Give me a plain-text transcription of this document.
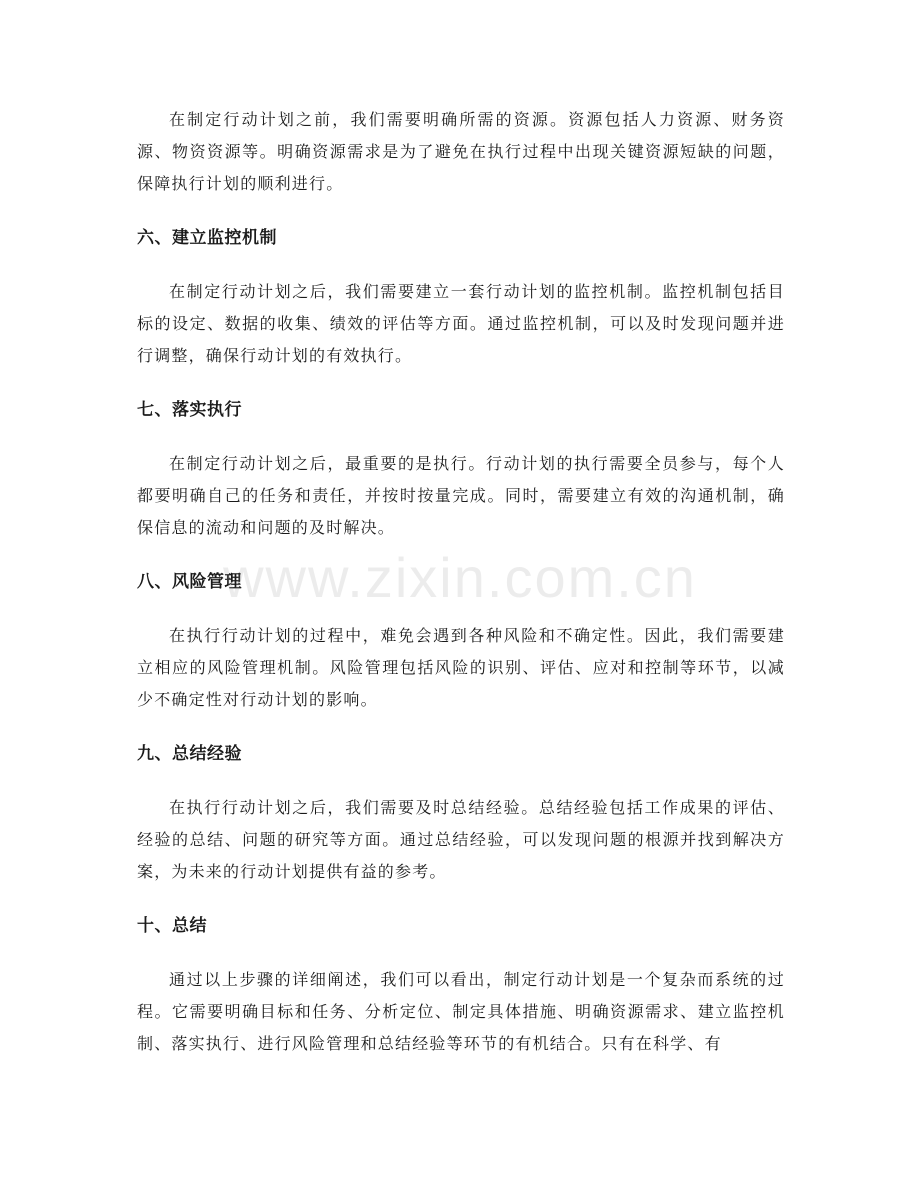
在制定行动计划之前，我们需要明确所需的资源。资源包括人力资源、财务资源、物资资源等。明确资源需求是为了避免在执行过程中出现关键资源短缺的问题，保障执行计划的顺利进行。

六、建立监控机制

在制定行动计划之后，我们需要建立一套行动计划的监控机制。监控机制包括目标的设定、数据的收集、绩效的评估等方面。通过监控机制，可以及时发现问题并进行调整，确保行动计划的有效执行。

七、落实执行

在制定行动计划之后，最重要的是执行。行动计划的执行需要全员参与，每个人都要明确自己的任务和责任，并按时按量完成。同时，需要建立有效的沟通机制，确保信息的流动和问题的及时解决。

八、风险管理

在执行行动计划的过程中，难免会遇到各种风险和不确定性。因此，我们需要建立相应的风险管理机制。风险管理包括风险的识别、评估、应对和控制等环节，以减少不确定性对行动计划的影响。

九、总结经验

在执行行动计划之后，我们需要及时总结经验。总结经验包括工作成果的评估、经验的总结、问题的研究等方面。通过总结经验，可以发现问题的根源并找到解决方案，为未来的行动计划提供有益的参考。

十、总结

通过以上步骤的详细阐述，我们可以看出，制定行动计划是一个复杂而系统的过程。它需要明确目标和任务、分析定位、制定具体措施、明确资源需求、建立监控机制、落实执行、进行风险管理和总结经验等环节的有机结合。只有在科学、有

www.zixin.com.cn
